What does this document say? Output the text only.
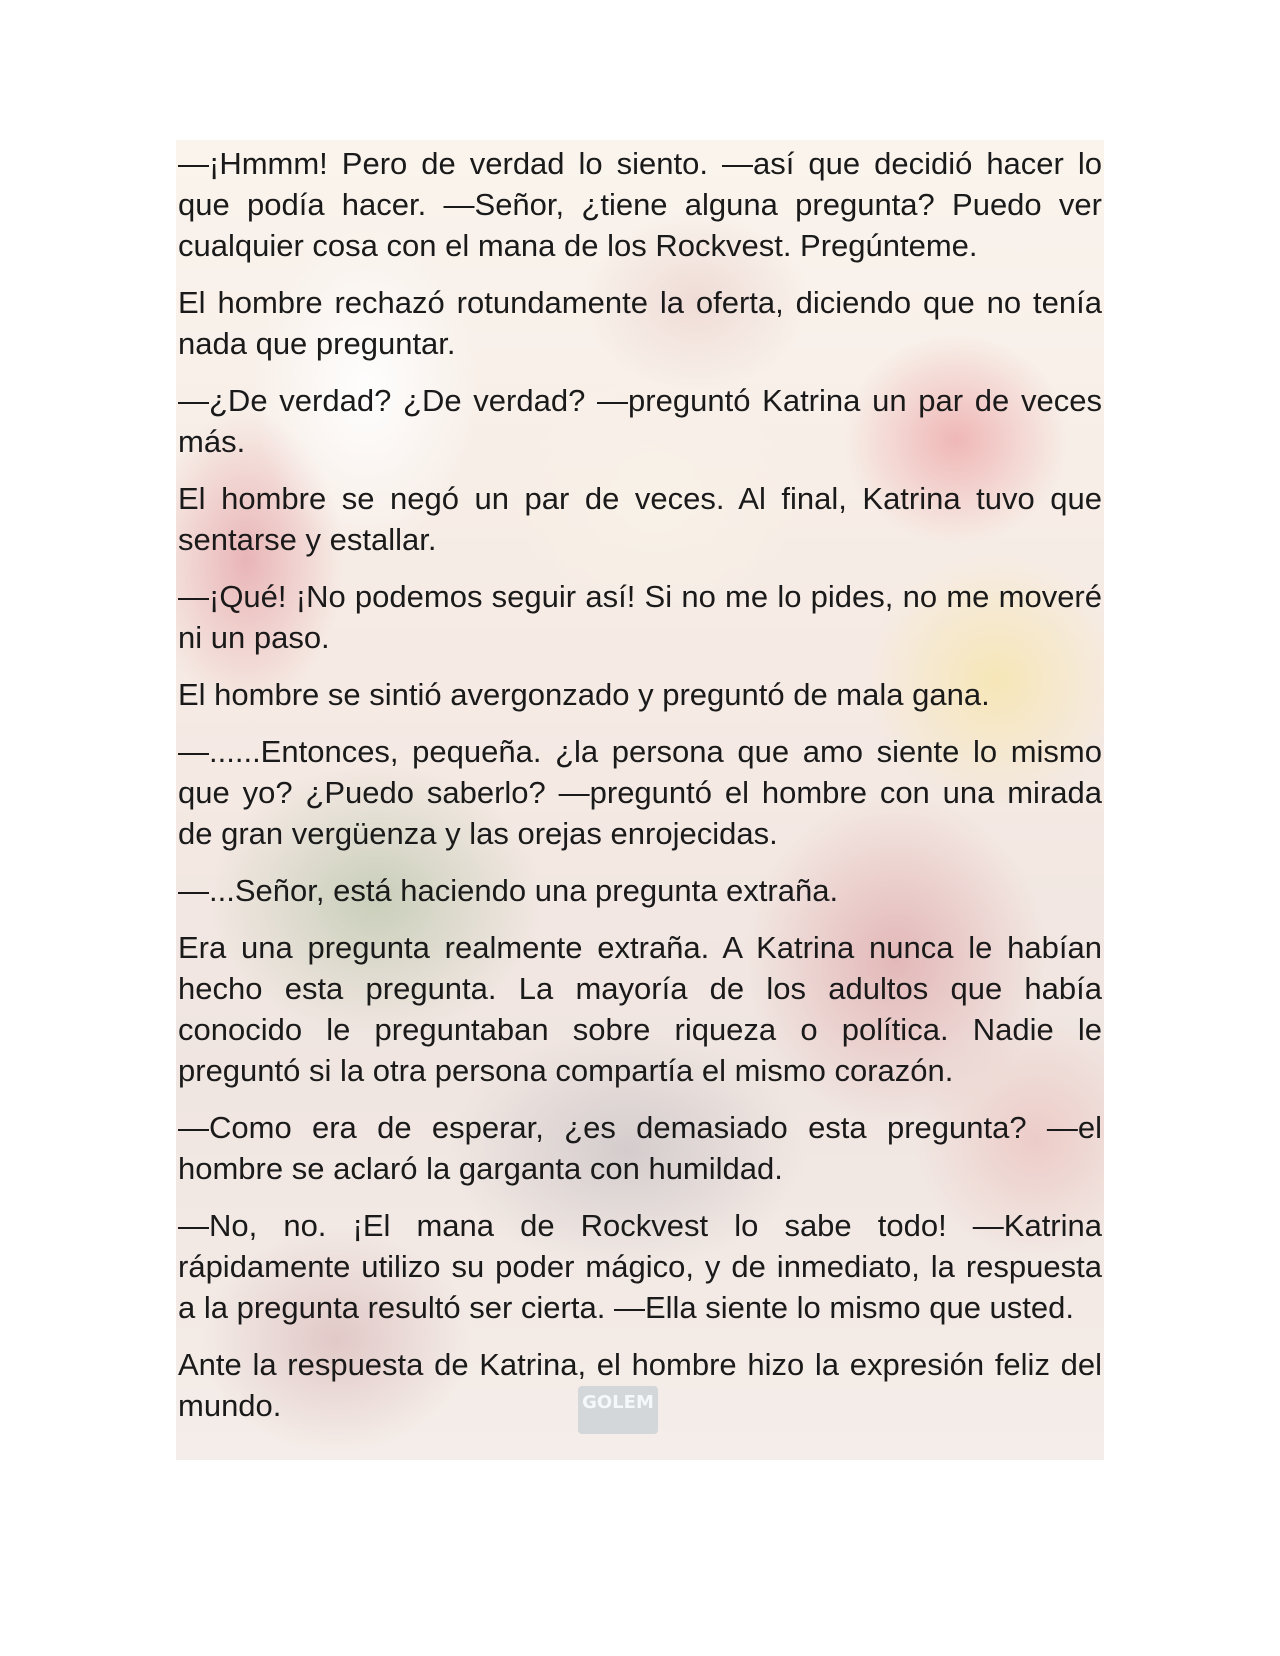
GOLEM

—¡Hmmm! Pero de verdad lo siento. —así que decidió hacer lo que podía hacer. —Señor, ¿tiene alguna pregunta? Puedo ver cualquier cosa con el mana de los Rockvest. Pregúnteme.

El hombre rechazó rotundamente la oferta, diciendo que no tenía nada que preguntar.

—¿De verdad? ¿De verdad? —preguntó Katrina un par de veces más.

El hombre se negó un par de veces. Al final, Katrina tuvo que sentarse y estallar.

—¡Qué! ¡No podemos seguir así! Si no me lo pides, no me moveré ni un paso.

El hombre se sintió avergonzado y preguntó de mala gana.

—......Entonces, pequeña. ¿la persona que amo siente lo mismo que yo? ¿Puedo saberlo? —preguntó el hombre con una mirada de gran vergüenza y las orejas enrojecidas.

—...Señor, está haciendo una pregunta extraña.

Era una pregunta realmente extraña. A Katrina nunca le habían hecho esta pregunta. La mayoría de los adultos que había conocido le preguntaban sobre riqueza o política. Nadie le preguntó si la otra persona compartía el mismo corazón.

—Como era de esperar, ¿es demasiado esta pregunta? —el hombre se aclaró la garganta con humildad.

—No, no. ¡El mana de Rockvest lo sabe todo! —Katrina rápidamente utilizo su poder mágico, y de inmediato, la respuesta a la pregunta resultó ser cierta. —Ella siente lo mismo que usted.

Ante la respuesta de Katrina, el hombre hizo la expresión feliz del mundo.
